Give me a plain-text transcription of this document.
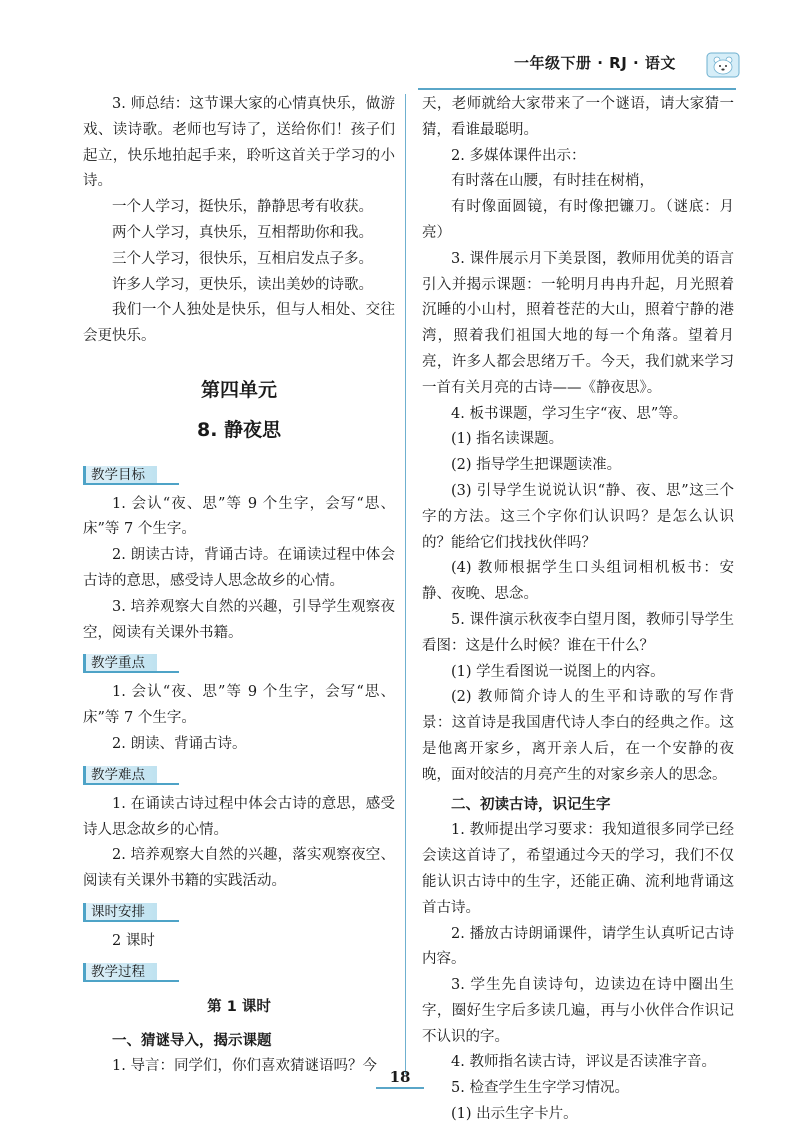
一年级下册 · RJ · 语文

3. 师总结：这节课大家的心情真快乐，做游戏、读诗歌。老师也写诗了，送给你们！孩子们起立，快乐地拍起手来，聆听这首关于学习的小诗。

一个人学习，挺快乐，静静思考有收获。

两个人学习，真快乐，互相帮助你和我。

三个人学习，很快乐，互相启发点子多。

许多人学习，更快乐，读出美妙的诗歌。

我们一个人独处是快乐，但与人相处、交往会更快乐。

第四单元
8. 静夜思
教学目标

1. 会认“夜、思”等 9 个生字，会写“思、床”等 7 个生字。

2. 朗读古诗，背诵古诗。在诵读过程中体会古诗的意思，感受诗人思念故乡的心情。

3. 培养观察大自然的兴趣，引导学生观察夜空，阅读有关课外书籍。

教学重点

1. 会认“夜、思”等 9 个生字，会写“思、床”等 7 个生字。

2. 朗读、背诵古诗。

教学难点

1. 在诵读古诗过程中体会古诗的意思，感受诗人思念故乡的心情。

2. 培养观察大自然的兴趣，落实观察夜空、阅读有关课外书籍的实践活动。

课时安排

2 课时

教学过程
第 1 课时

一、猜谜导入，揭示课题

1. 导言：同学们，你们喜欢猜谜语吗？今

天，老师就给大家带来了一个谜语，请大家猜一猜，看谁最聪明。

2. 多媒体课件出示：

有时落在山腰，有时挂在树梢，

有时像面圆镜，有时像把镰刀。（谜底：月亮）

3. 课件展示月下美景图，教师用优美的语言引入并揭示课题：一轮明月冉冉升起，月光照着沉睡的小山村，照着苍茫的大山，照着宁静的港湾，照着我们祖国大地的每一个角落。望着月亮，许多人都会思绪万千。今天，我们就来学习一首有关月亮的古诗——《静夜思》。

4. 板书课题，学习生字“夜、思”等。

(1) 指名读课题。

(2) 指导学生把课题读准。

(3) 引导学生说说认识“静、夜、思”这三个字的方法。这三个字你们认识吗？是怎么认识的？能给它们找找伙伴吗？

(4) 教师根据学生口头组词相机板书：安静、夜晚、思念。

5. 课件演示秋夜李白望月图，教师引导学生看图：这是什么时候？谁在干什么？

(1) 学生看图说一说图上的内容。

(2) 教师简介诗人的生平和诗歌的写作背景：这首诗是我国唐代诗人李白的经典之作。这是他离开家乡，离开亲人后，在一个安静的夜晚，面对皎洁的月亮产生的对家乡亲人的思念。

二、初读古诗，识记生字

1. 教师提出学习要求：我知道很多同学已经会读这首诗了，希望通过今天的学习，我们不仅能认识古诗中的生字，还能正确、流利地背诵这首古诗。

2. 播放古诗朗诵课件，请学生认真听记古诗内容。

3. 学生先自读诗句，边读边在诗中圈出生字，圈好生字后多读几遍，再与小伙伴合作识记不认识的字。

4. 教师指名读古诗，评议是否读准字音。

5. 检查学生生字学习情况。

(1) 出示生字卡片。

18
